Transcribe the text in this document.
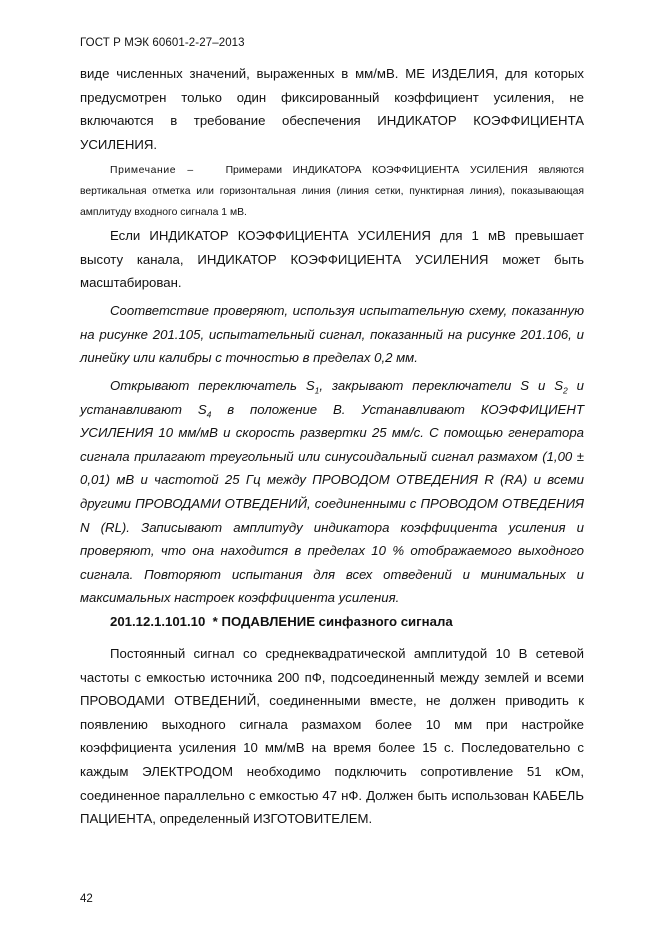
ГОСТ Р МЭК 60601-2-27–2013

виде численных значений, выраженных в мм/мВ. МЕ ИЗДЕЛИЯ, для которых предусмотрен только один фиксированный коэффициент усиления, не включаются в требование обеспечения ИНДИКАТОР КОЭФФИЦИЕНТА УСИЛЕНИЯ.

Примечание –	Примерами ИНДИКАТОРА КОЭФФИЦИЕНТА УСИЛЕНИЯ являются вертикальная отметка или горизонтальная линия (линия сетки, пунктирная линия), показывающая амплитуду входного сигнала 1 мВ.

Если ИНДИКАТОР КОЭФФИЦИЕНТА УСИЛЕНИЯ для 1 мВ превышает высоту канала, ИНДИКАТОР КОЭФФИЦИЕНТА УСИЛЕНИЯ может быть масштабирован.

Соответствие проверяют, используя испытательную схему, показанную на рисунке 201.105, испытательный сигнал, показанный на рисунке 201.106, и линейку или калибры с точностью в пределах 0,2 мм.

Открывают переключатель $S_1$, закрывают переключатели S и $S_2$ и устанавливают $S_4$ в положение B. Устанавливают КОЭФФИЦИЕНТ УСИЛЕНИЯ 10 мм/мВ и скорость развертки 25 мм/с. С помощью генератора сигнала прилагают треугольный или синусоидальный сигнал размахом (1,00 ± 0,01) мВ и частотой 25 Гц между ПРОВОДОМ ОТВЕДЕНИЯ R (RA) и всеми другими ПРОВОДАМИ ОТВЕДЕНИЙ, соединенными с ПРОВОДОМ ОТВЕДЕНИЯ N (RL). Записывают амплитуду индикатора коэффициента усиления и проверяют, что она находится в пределах 10 % отображаемого выходного сигнала. Повторяют испытания для всех отведений и минимальных и максимальных настроек коэффициента усиления.

201.12.1.101.10 * ПОДАВЛЕНИЕ синфазного сигнала

Постоянный сигнал со среднеквадратической амплитудой 10 В сетевой частоты с емкостью источника 200 пФ, подсоединенный между землей и всеми ПРОВОДАМИ ОТВЕДЕНИЙ, соединенными вместе, не должен приводить к появлению выходного сигнала размахом более 10 мм при настройке коэффициента усиления 10 мм/мВ на время более 15 с. Последовательно с каждым ЭЛЕКТРОДОМ необходимо подключить сопротивление 51 кОм, соединенное параллельно с емкостью 47 нФ. Должен быть использован КАБЕЛЬ ПАЦИЕНТА, определенный ИЗГОТОВИТЕЛЕМ.

42
